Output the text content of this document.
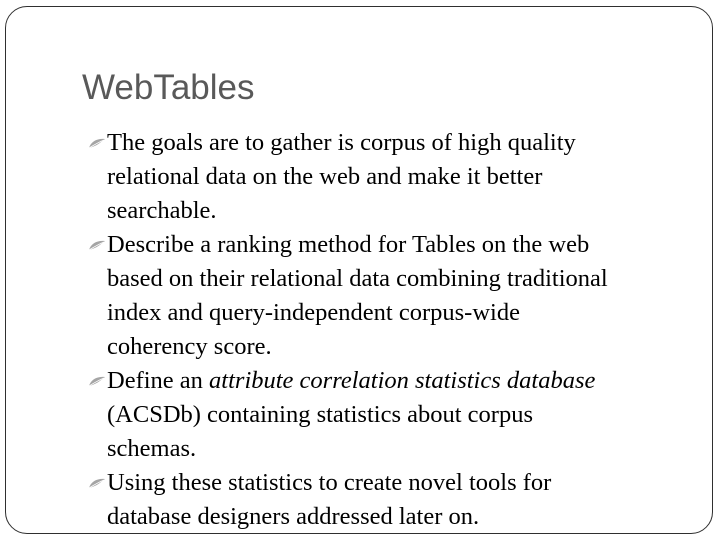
WebTables
The goals are to gather is corpus of high quality
relational data on the web and make it better
searchable.
Describe a ranking method for Tables on the web
based on their relational data combining traditional
index and query-independent corpus-wide
coherency score.
Define an attribute correlation statistics database
(ACSDb) containing statistics about corpus
schemas.
Using these statistics to create novel tools for
database designers addressed later on.
